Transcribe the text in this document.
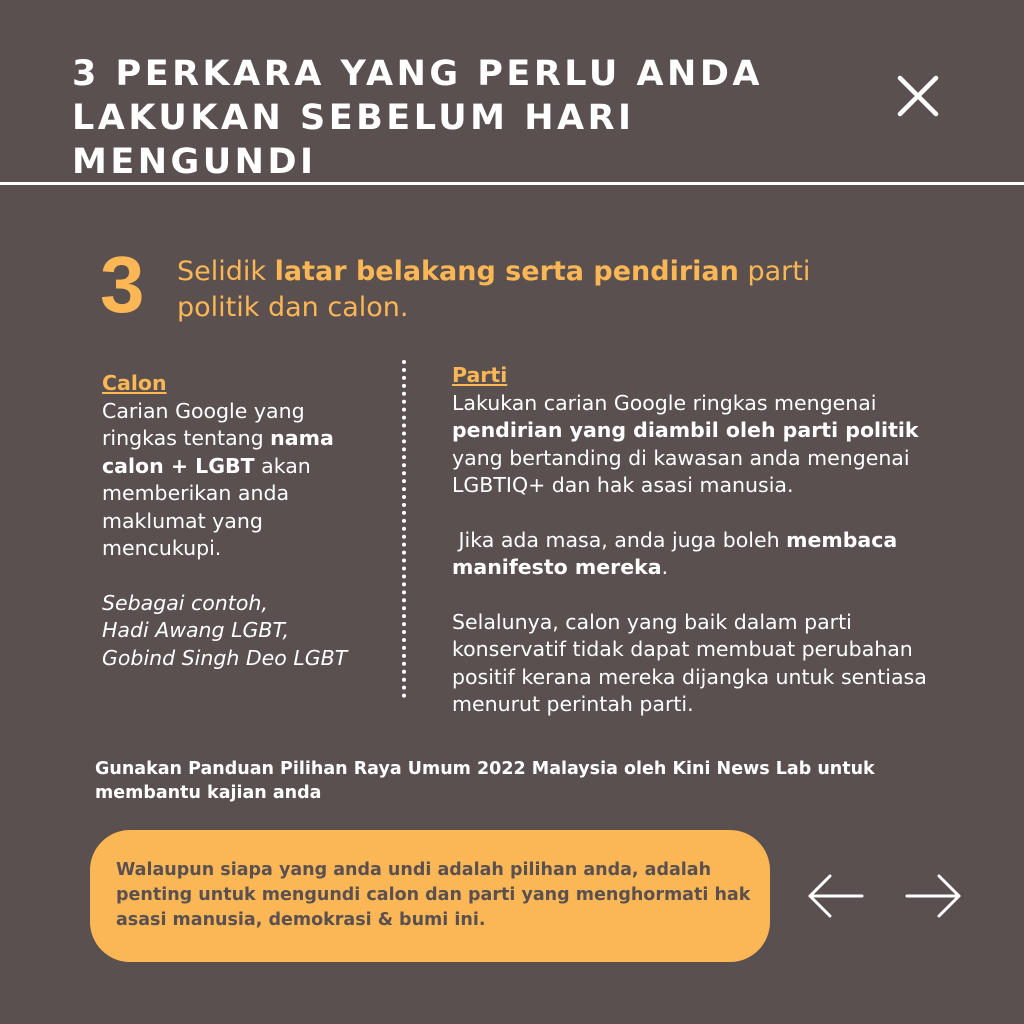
3 PERKARA YANG PERLU ANDA
LAKUKAN SEBELUM HARI MENGUNDI
3 Selidik latar belakang serta pendirian parti politik dan calon.
Calon
Carian Google yang ringkas tentang nama calon + LGBT akan memberikan anda maklumat yang mencukupi.
Sebagai contoh,
Hadi Awang LGBT,
Gobind Singh Deo LGBT
Parti
Lakukan carian Google ringkas mengenai pendirian yang diambil oleh parti politik yang bertanding di kawasan anda mengenai LGBTIQ+ dan hak asasi manusia.
Jika ada masa, anda juga boleh membaca manifesto mereka.
Selalunya, calon yang baik dalam parti konservatif tidak dapat membuat perubahan positif kerana mereka dijangka untuk sentiasa menurut perintah parti.
Gunakan Panduan Pilihan Raya Umum 2022 Malaysia oleh Kini News Lab untuk membantu kajian anda
Walaupun siapa yang anda undi adalah pilihan anda, adalah penting untuk mengundi calon dan parti yang menghormati hak asasi manusia, demokrasi & bumi ini.
